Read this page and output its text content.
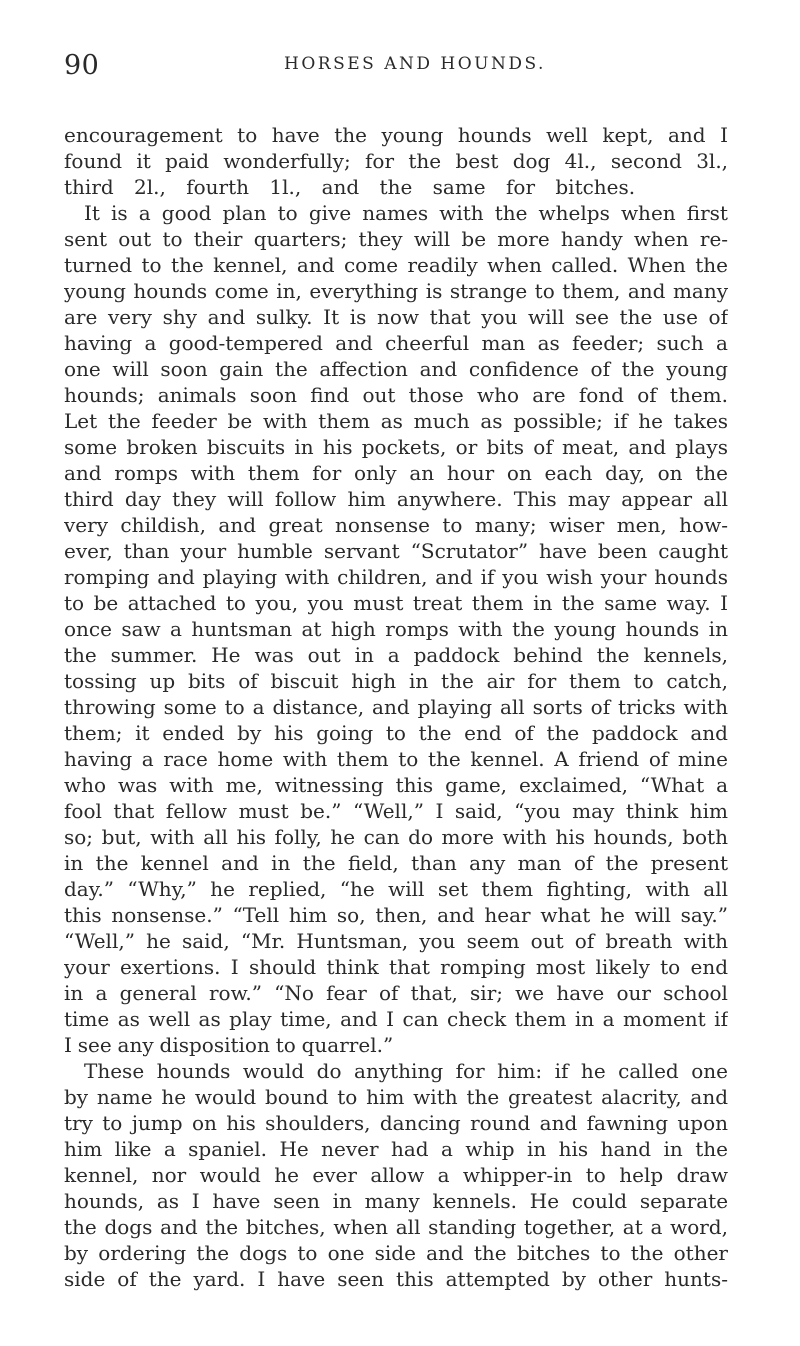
90	HORSES AND HOUNDS.
encouragement to have the young hounds well kept, and I
found it paid wonderfully; for the best dog 4l., second 3l.,
third 2l., fourth 1l., and the same for bitches.
It is a good plan to give names with the whelps when first
sent out to their quarters; they will be more handy when re-
turned to the kennel, and come readily when called. When the
young hounds come in, everything is strange to them, and many
are very shy and sulky. It is now that you will see the use of
having a good-tempered and cheerful man as feeder; such a
one will soon gain the affection and confidence of the young
hounds; animals soon find out those who are fond of them.
Let the feeder be with them as much as possible; if he takes
some broken biscuits in his pockets, or bits of meat, and plays
and romps with them for only an hour on each day, on the
third day they will follow him anywhere. This may appear all
very childish, and great nonsense to many; wiser men, how-
ever, than your humble servant “Scrutator” have been caught
romping and playing with children, and if you wish your hounds
to be attached to you, you must treat them in the same way. I
once saw a huntsman at high romps with the young hounds in
the summer. He was out in a paddock behind the kennels,
tossing up bits of biscuit high in the air for them to catch,
throwing some to a distance, and playing all sorts of tricks with
them; it ended by his going to the end of the paddock and
having a race home with them to the kennel. A friend of mine
who was with me, witnessing this game, exclaimed, “What a
fool that fellow must be.” “Well,” I said, “you may think him
so; but, with all his folly, he can do more with his hounds, both
in the kennel and in the field, than any man of the present
day.” “Why,” he replied, “he will set them fighting, with all
this nonsense.” “Tell him so, then, and hear what he will say.”
“Well,” he said, “Mr. Huntsman, you seem out of breath with
your exertions. I should think that romping most likely to end
in a general row.” “No fear of that, sir; we have our school
time as well as play time, and I can check them in a moment if
I see any disposition to quarrel.”
These hounds would do anything for him: if he called one
by name he would bound to him with the greatest alacrity, and
try to jump on his shoulders, dancing round and fawning upon
him like a spaniel. He never had a whip in his hand in the
kennel, nor would he ever allow a whipper-in to help draw
hounds, as I have seen in many kennels. He could separate
the dogs and the bitches, when all standing together, at a word,
by ordering the dogs to one side and the bitches to the other
side of the yard. I have seen this attempted by other hunts-
